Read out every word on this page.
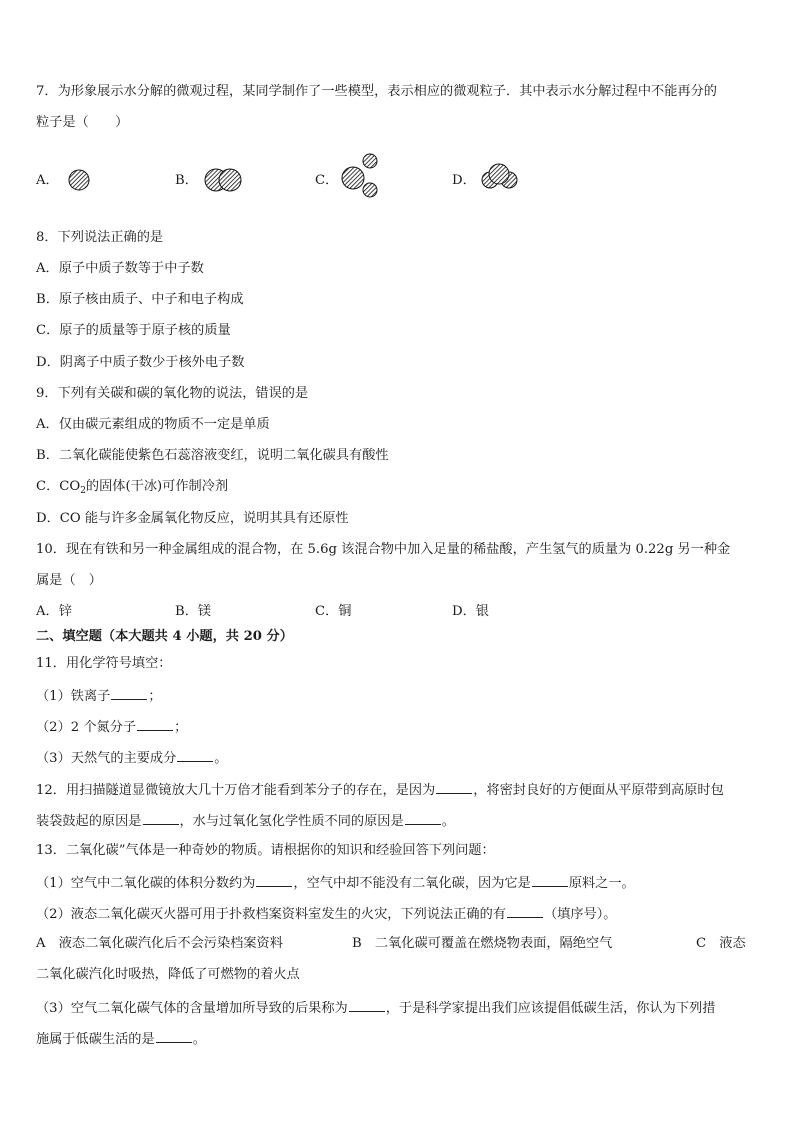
7．为形象展示水分解的微观过程，某同学制作了一些模型，表示相应的微观粒子．其中表示水分解过程中不能再分的
粒子是（　　）
A．	B．	C．	D．
8．下列说法正确的是
A．原子中质子数等于中子数
B．原子核由质子、中子和电子构成
C．原子的质量等于原子核的质量
D．阴离子中质子数少于核外电子数
9．下列有关碳和碳的氧化物的说法，错误的是
A．仅由碳元素组成的物质不一定是单质
B．二氧化碳能使紫色石蕊溶液变红，说明二氧化碳具有酸性
C．$CO_2$的固体(干冰)可作制冷剂
D．CO 能与许多金属氧化物反应，说明其具有还原性
10．现在有铁和另一种金属组成的混合物，在 5.6g 该混合物中加入足量的稀盐酸，产生氢气的质量为 0.22g 另一种金
属是（　）
A．锌	B．镁	C．铜	D．银
二、填空题（本大题共 4 小题，共 20 分）
11．用化学符号填空：
（1）铁离子	；
（2）2 个氮分子	；
（3）天然气的主要成分	。
12．用扫描隧道显微镜放大几十万倍才能看到苯分子的存在，是因为	，将密封良好的方便面从平原带到高原时包
装袋鼓起的原因是	，水与过氧化氢化学性质不同的原因是	。
13．二氧化碳”气体是一种奇妙的物质。请根据你的知识和经验回答下列问题：
（1）空气中二氧化碳的体积分数约为	，空气中却不能没有二氧化碳，因为它是	原料之一。
（2）液态二氧化碳灭火器可用于扑救档案资料室发生的火灾，下列说法正确的有	（填序号）。
A　液态二氧化碳汽化后不会污染档案资料	B　二氧化碳可覆盖在燃烧物表面，隔绝空气	C　液态
二氧化碳汽化时吸热，降低了可燃物的着火点
（3）空气二氧化碳气体的含量增加所导致的后果称为	，于是科学家提出我们应该提倡低碳生活，你认为下列措
施属于低碳生活的是	。
